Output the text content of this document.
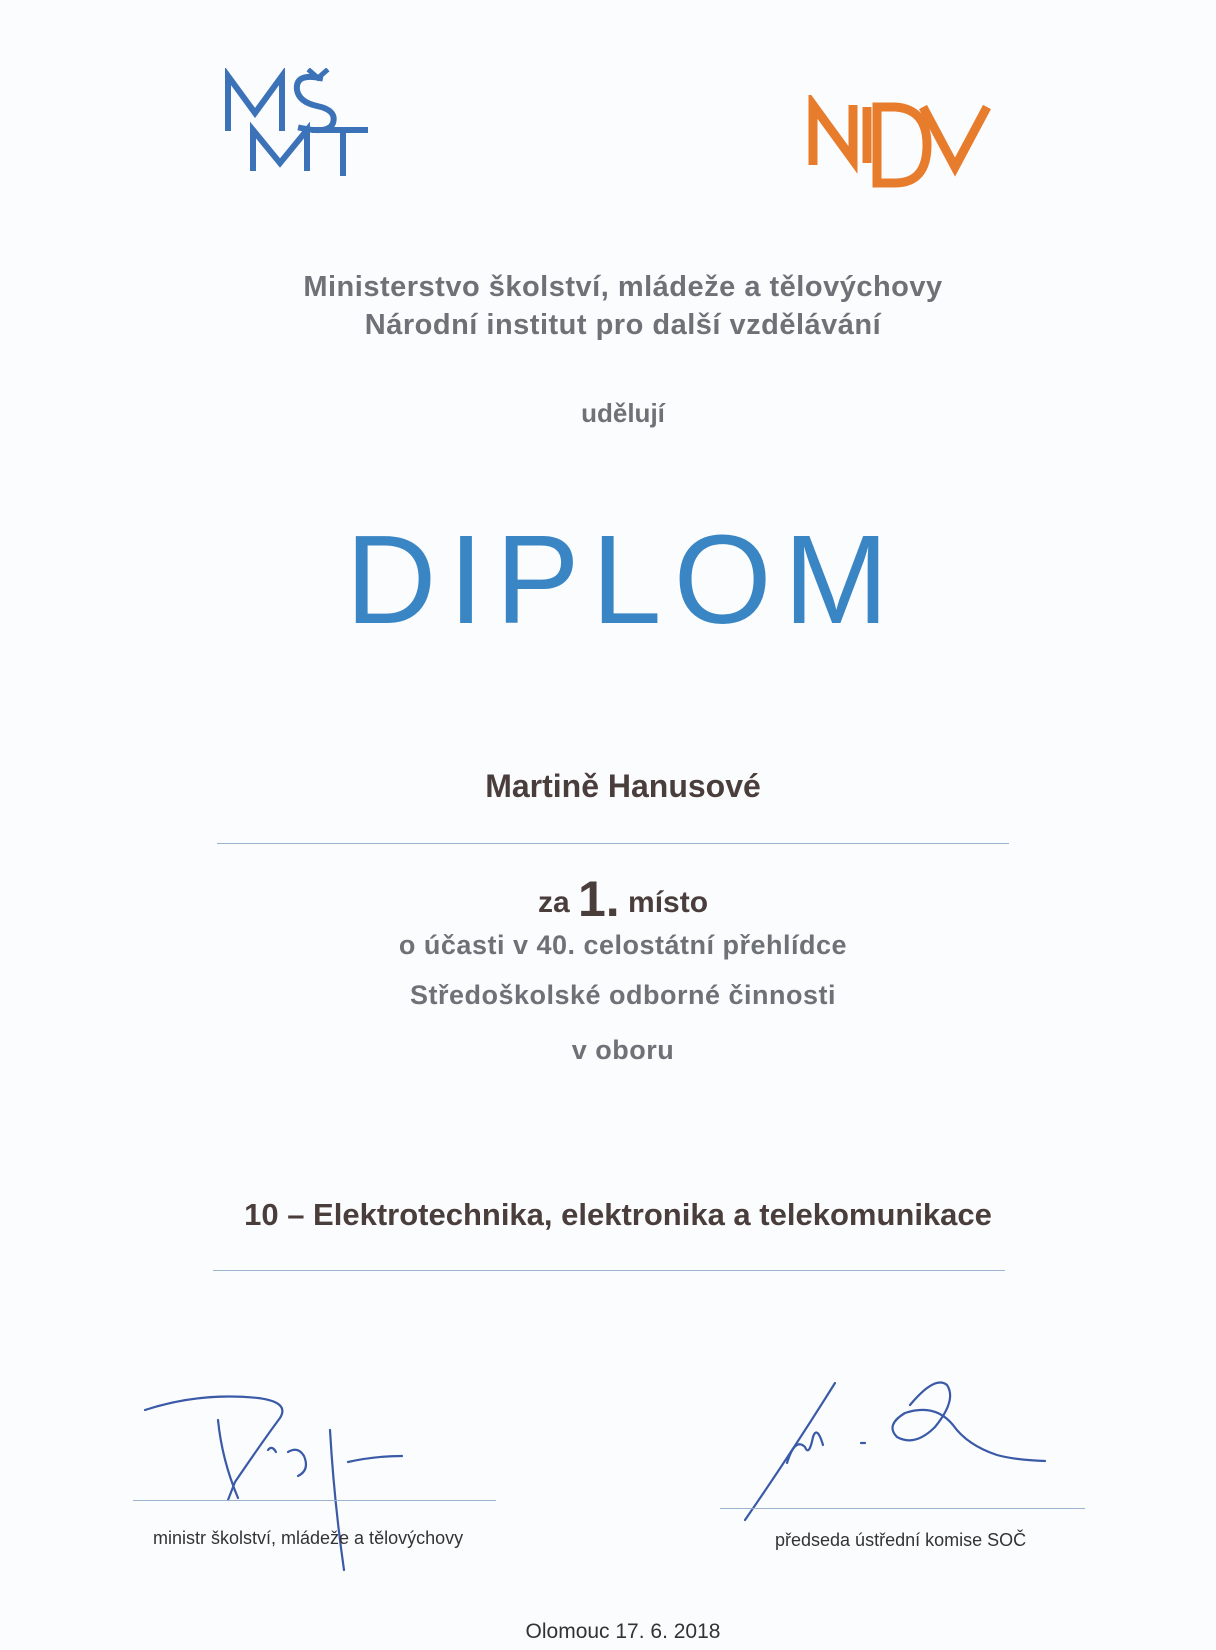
Ministerstvo školství, mládeže a tělovýchovy
Národní institut pro další vzdělávání
udělují
DIPLOM
Martině Hanusové
za 1. místo
o účasti v 40. celostátní přehlídce
Středoškolské odborné činnosti
v oboru
10 – Elektrotechnika, elektronika a telekomunikace
ministr školství, mládeže a tělovýchovy	předseda ústřední komise SOČ
Olomouc 17. 6. 2018
